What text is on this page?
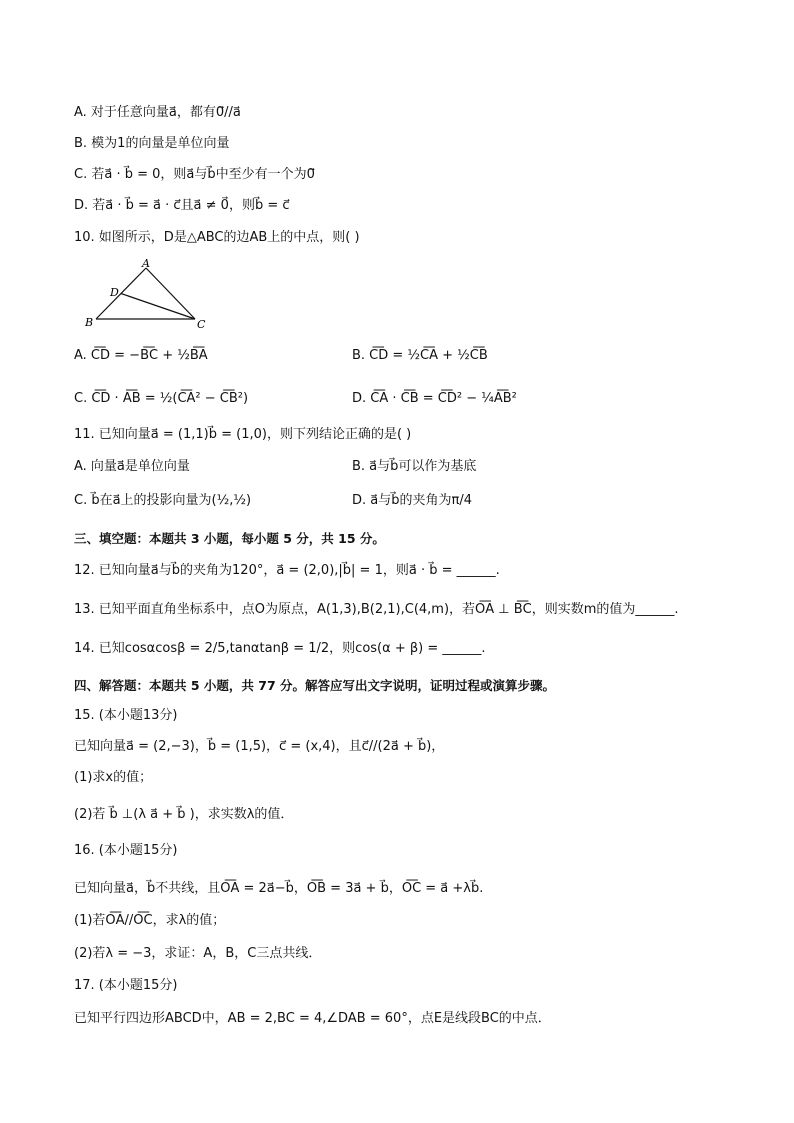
A. 对于任意向量a⃗，都有0⃗//a⃗
B. 模为1的向量是单位向量
C. 若a⃗ · b⃗ = 0，则a⃗与b⃗中至少有一个为0⃗
D. 若a⃗ · b⃗ = a⃗ · c⃗且a⃗ ≠ 0⃗，则b⃗ = c⃗
10. 如图所示，D是△ABC的边AB上的中点，则( )
A
B	C
D
A. C͞D = −B͞C + ½B͞A	B. C͞D = ½C͞A + ½C͞B
C. C͞D · A͞B = ½(C͞A² − C͞B²)	D. C͞A · C͞B = C͞D² − ¼A͞B²
11. 已知向量a⃗ = (1,1)b⃗ = (1,0)，则下列结论正确的是( )
A. 向量a⃗是单位向量	B. a⃗与b⃗可以作为基底
C. b⃗在a⃗上的投影向量为(½,½)	D. a⃗与b⃗的夹角为π/4
三、填空题：本题共 3 小题，每小题 5 分，共 15 分。
12. 已知向量a⃗与b⃗的夹角为120°，a⃗ = (2,0),|b⃗| = 1，则a⃗ · b⃗ = ______.
13. 已知平面直角坐标系中，点O为原点，A(1,3),B(2,1),C(4,m)，若O͞A ⊥ B͞C，则实数m的值为______.
14. 已知cosαcosβ = 2/5,tanαtanβ = 1/2，则cos(α + β) = ______.
四、解答题：本题共 5 小题，共 77 分。解答应写出文字说明，证明过程或演算步骤。
15. (本小题13分)
已知向量a⃗ = (2,−3)，b⃗ = (1,5)，c⃗ = (x,4)，且c⃗//(2a⃗ + b⃗)，
(1)求x的值；
(2)若 b⃗ ⊥(λ a⃗ + b⃗ )，求实数λ的值．
16. (本小题15分)
已知向量a⃗，b⃗不共线，且O͞A = 2a⃗−b⃗，O͞B = 3a⃗ + b⃗，O͞C = a⃗ +λb⃗.
(1)若O͞A//O͞C，求λ的值；
(2)若λ = −3，求证：A，B，C三点共线．
17. (本小题15分)
已知平行四边形ABCD中，AB = 2,BC = 4,∠DAB = 60°，点E是线段BC的中点．
